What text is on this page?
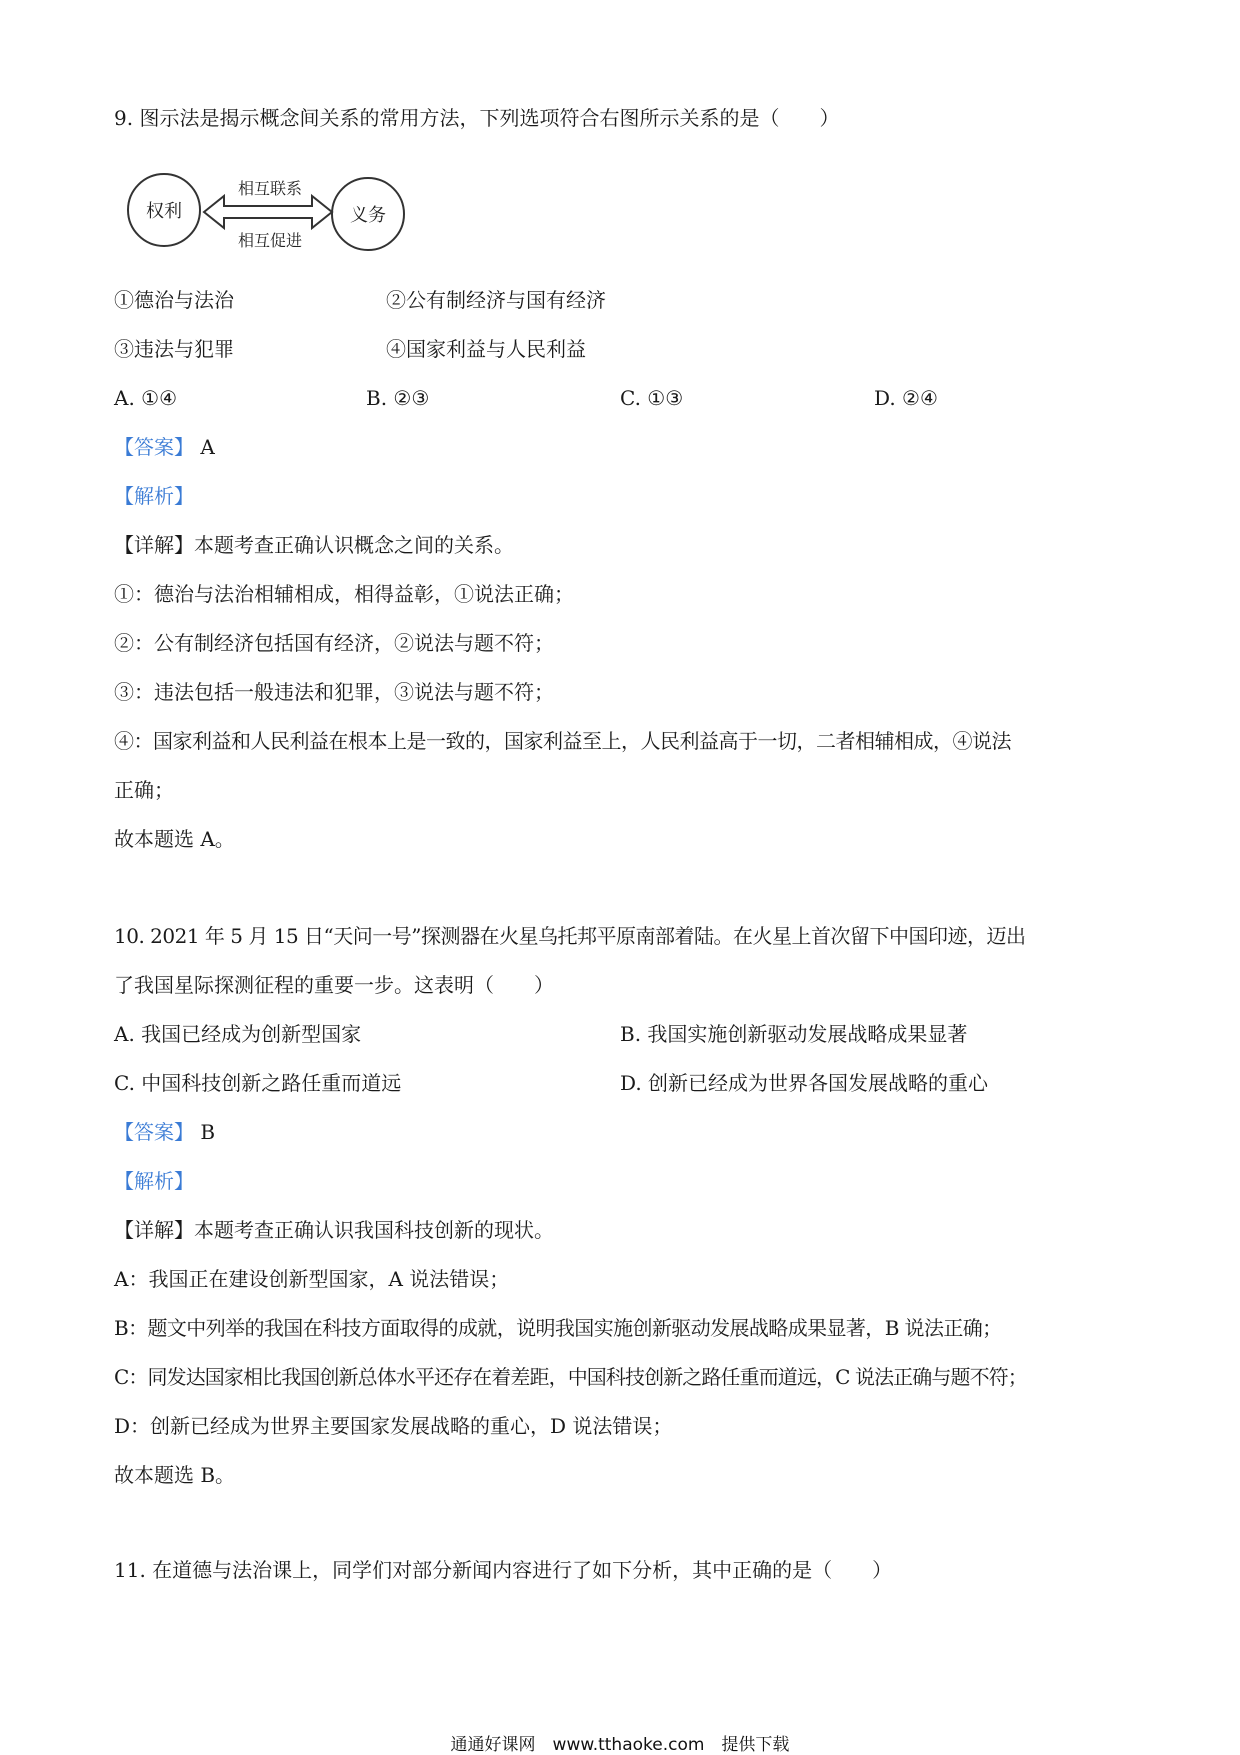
9. 图示法是揭示概念间关系的常用方法，下列选项符合右图所示关系的是（　　）
权利	义务
相互联系
相互促进
①德治与法治	②公有制经济与国有经济
③违法与犯罪	④国家利益与人民利益
A. ①④	B. ②③	C. ①③	D. ②④
【答案】 A
【解析】
【详解】本题考查正确认识概念之间的关系。
①：德治与法治相辅相成，相得益彰，①说法正确；
②：公有制经济包括国有经济，②说法与题不符；
③：违法包括一般违法和犯罪，③说法与题不符；
④：国家利益和人民利益在根本上是一致的，国家利益至上，人民利益高于一切，二者相辅相成，④说法
正确；
故本题选 A。
10. 2021 年 5 月 15 日“天问一号”探测器在火星乌托邦平原南部着陆。在火星上首次留下中国印迹，迈出
了我国星际探测征程的重要一步。这表明（　　）
A. 我国已经成为创新型国家	B. 我国实施创新驱动发展战略成果显著
C. 中国科技创新之路任重而道远	D. 创新已经成为世界各国发展战略的重心
【答案】 B
【解析】
【详解】本题考查正确认识我国科技创新的现状。
A：我国正在建设创新型国家，A 说法错误；
B：题文中列举的我国在科技方面取得的成就，说明我国实施创新驱动发展战略成果显著，B 说法正确；
C：同发达国家相比我国创新总体水平还存在着差距，中国科技创新之路任重而道远，C 说法正确与题不符；
D：创新已经成为世界主要国家发展战略的重心，D 说法错误；
故本题选 B。
11. 在道德与法治课上，同学们对部分新闻内容进行了如下分析，其中正确的是（　　）
通通好课网　www.tthaoke.com　提供下载
